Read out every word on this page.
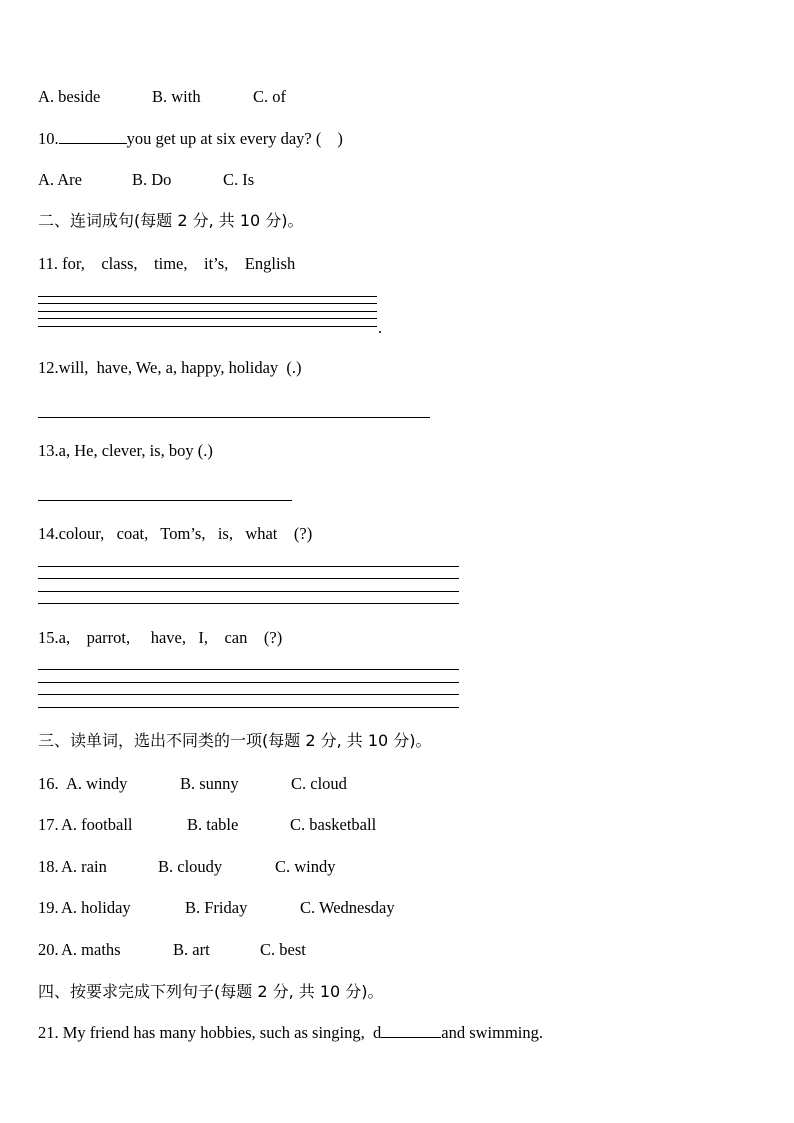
A. beside	B. with	C. of
10.	you get up at six every day? ( )
A. Are	B. Do	C. Is
二、连词成句(每题 2 分, 共 10 分)。
11. for,    class,    time,    it’s,    English
.
12.will,  have, We, a, happy, holiday  (.)
13.a, He, clever, is, boy (.)
14.colour,   coat,   Tom’s,   is,   what    (?)
15.a,    parrot,     have,   I,    can    (?)
三、读单词，选出不同类的一项(每题 2 分, 共 10 分)。
16. A. windy	B. sunny	C. cloud
17. A. football	B. table	C. basketball
18. A. rain	B. cloudy	C. windy
19. A. holiday	B. Friday	C. Wednesday
20. A. maths	B. art	C. best
四、按要求完成下列句子(每题 2 分, 共 10 分)。
21. My friend has many hobbies, such as singing,  d	and swimming.
